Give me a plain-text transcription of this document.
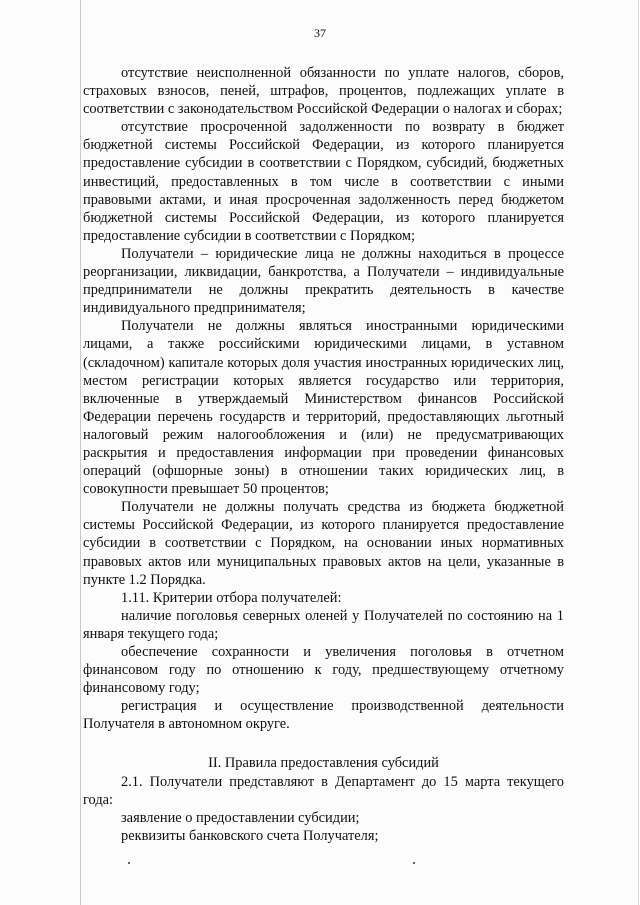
37

отсутствие неисполненной обязанности по уплате налогов, сборов, страховых взносов, пеней, штрафов, процентов, подлежащих уплате в соответствии с законодательством Российской Федерации о налогах и сборах;

отсутствие просроченной задолженности по возврату в бюджет бюджетной системы Российской Федерации, из которого планируется предоставление субсидии в соответствии с Порядком, субсидий, бюджетных инвестиций, предоставленных в том числе в соответствии с иными правовыми актами, и иная просроченная задолженность перед бюджетом бюджетной системы Российской Федерации, из которого планируется предоставление субсидии в соответствии с Порядком;

Получатели – юридические лица не должны находиться в процессе реорганизации, ликвидации, банкротства, а Получатели – индивидуальные предприниматели не должны прекратить деятельность в качестве индивидуального предпринимателя;

Получатели не должны являться иностранными юридическими лицами, а также российскими юридическими лицами, в уставном (складочном) капитале которых доля участия иностранных юридических лиц, местом регистрации которых является государство или территория, включенные в утверждаемый Министерством финансов Российской Федерации перечень государств и территорий, предоставляющих льготный налоговый режим налогообложения и (или) не предусматривающих раскрытия и предоставления информации при проведении финансовых операций (офшорные зоны) в отношении таких юридических лиц, в совокупности превышает 50 процентов;

Получатели не должны получать средства из бюджета бюджетной системы Российской Федерации, из которого планируется предоставление субсидии в соответствии с Порядком, на основании иных нормативных правовых актов или муниципальных правовых актов на цели, указанные в пункте 1.2 Порядка.

1.11. Критерии отбора получателей:

наличие поголовья северных оленей у Получателей по состоянию на 1 января текущего года;

обеспечение сохранности и увеличения поголовья в отчетном финансовом году по отношению к году, предшествующему отчетному финансовому году;

регистрация и осуществление производственной деятельности Получателя в автономном округе.

II. Правила предоставления субсидий

2.1. Получатели представляют в Департамент до 15 марта текущего года:

заявление о предоставлении субсидии;

реквизиты банковского счета Получателя;
